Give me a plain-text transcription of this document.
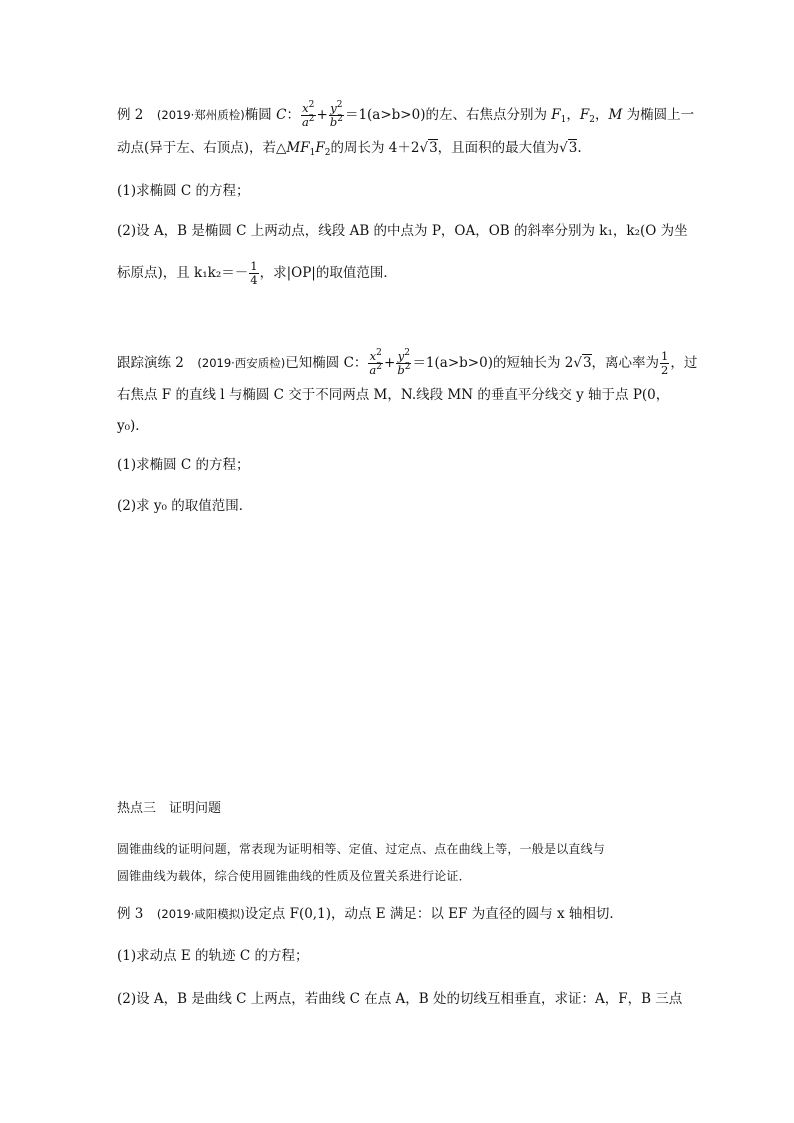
例 2　 (2019·郑州质检)椭圆 C： $\frac{x^2}{a^2} + \frac{y^2}{b^2} =1(a>b>0)$的左、右焦点分别为 $F_1$，$F_2$，M 为椭圆上一
动点(异于左、右顶点)，若$\triangle MF_1F_2$的周长为 4＋2√3，且面积的最大值为√3.
(1)求椭圆 C 的方程；
(2)设 A，B 是椭圆 C 上两动点，线段 AB 的中点为 P，OA，OB 的斜率分别为 k₁，k₂(O 为坐
标原点)，且 $k_1k_2=- \frac{1}{4}$ ，求|OP|的取值范围．
跟踪演练 2　 (2019·西安质检)已知椭圆 C： $\frac{x^2}{a^2} + \frac{y^2}{b^2} =1(a>b>0)$的短轴长为 2√3，离心率为 $\frac{1}{2}$ ，过
右焦点 F 的直线 l 与椭圆 C 交于不同两点 M，N.线段 MN 的垂直平分线交 y 轴于点 P(0，
y₀)．
(1)求椭圆 C 的方程；
(2)求 y₀ 的取值范围．
热点三　证明问题
圆锥曲线的证明问题，常表现为证明相等、定值、过定点、点在曲线上等，一般是以直线与
圆锥曲线为载体，综合使用圆锥曲线的性质及位置关系进行论证．
例 3　 (2019·咸阳模拟)设定点 F(0,1)，动点 E 满足：以 EF 为直径的圆与 x 轴相切．
(1)求动点 E 的轨迹 C 的方程；
(2)设 A，B 是曲线 C 上两点，若曲线 C 在点 A，B 处的切线互相垂直，求证：A，F，B 三点
